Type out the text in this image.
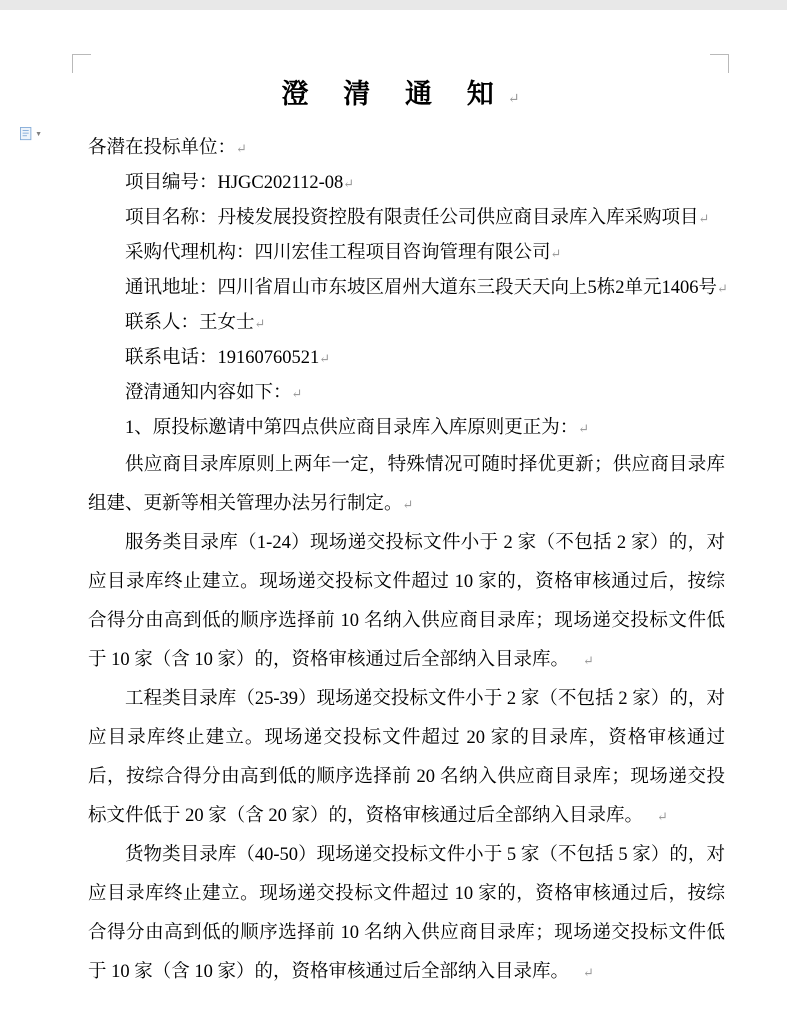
▼
澄 清 通 知↵

各潜在投标单位：↵

项目编号：HJGC202112-08↵

项目名称：丹棱发展投资控股有限责任公司供应商目录库入库采购项目↵

采购代理机构：四川宏佳工程项目咨询管理有限公司↵

通讯地址：四川省眉山市东坡区眉州大道东三段天天向上5栋2单元1406号↵

联系人：王女士↵

联系电话：19160760521↵

澄清通知内容如下：↵

1、原投标邀请中第四点供应商目录库入库原则更正为：↵

供应商目录库原则上两年一定，特殊情况可随时择优更新；供应商目录库组建、更新等相关管理办法另行制定。↵

服务类目录库（1-24）现场递交投标文件小于 2 家（不包括 2 家）的，对应目录库终止建立。现场递交投标文件超过 10 家的，资格审核通过后，按综合得分由高到低的顺序选择前 10 名纳入供应商目录库；现场递交投标文件低于 10 家（含 10 家）的，资格审核通过后全部纳入目录库。 ↵

工程类目录库（25-39）现场递交投标文件小于 2 家（不包括 2 家）的，对应目录库终止建立。现场递交投标文件超过 20 家的目录库，资格审核通过后，按综合得分由高到低的顺序选择前 20 名纳入供应商目录库；现场递交投标文件低于 20 家（含 20 家）的，资格审核通过后全部纳入目录库。 ↵

货物类目录库（40-50）现场递交投标文件小于 5 家（不包括 5 家）的，对应目录库终止建立。现场递交投标文件超过 10 家的，资格审核通过后，按综合得分由高到低的顺序选择前 10 名纳入供应商目录库；现场递交投标文件低于 10 家（含 10 家）的，资格审核通过后全部纳入目录库。 ↵
